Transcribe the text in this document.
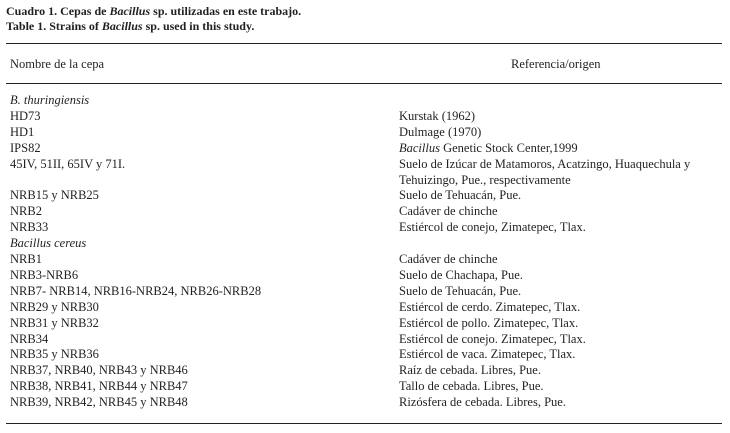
Cuadro 1. Cepas de Bacillus sp. utilizadas en este trabajo.
Table 1. Strains of Bacillus sp. used in this study.
Nombre de la cepa	Referencia/origen
B. thuringiensis
HD73	Kurstak (1962)
HD1	Dulmage (1970)
IPS82	Bacillus Genetic Stock Center,1999
45IV, 51II, 65IV y 71I.	Suelo de Izúcar de Matamoros, Acatzingo, Huaquechula y
Tehuizingo, Pue., respectivamente
NRB15 y NRB25	Suelo de Tehuacán, Pue.
NRB2	Cadáver de chinche
NRB33	Estiércol de conejo, Zimatepec, Tlax.
Bacillus cereus
NRB1	Cadáver de chinche
NRB3-NRB6	Suelo de Chachapa, Pue.
NRB7- NRB14, NRB16-NRB24, NRB26-NRB28	Suelo de Tehuacán, Pue.
NRB29 y NRB30	Estiércol de cerdo. Zimatepec, Tlax.
NRB31 y NRB32	Estiércol de pollo. Zimatepec, Tlax.
NRB34	Estiércol de conejo. Zimatepec, Tlax.
NRB35 y NRB36	Estiércol de vaca. Zimatepec, Tlax.
NRB37, NRB40, NRB43 y NRB46	Raíz de cebada. Libres, Pue.
NRB38, NRB41, NRB44 y NRB47	Tallo de cebada. Libres, Pue.
NRB39, NRB42, NRB45 y NRB48	Rizósfera de cebada. Libres, Pue.
